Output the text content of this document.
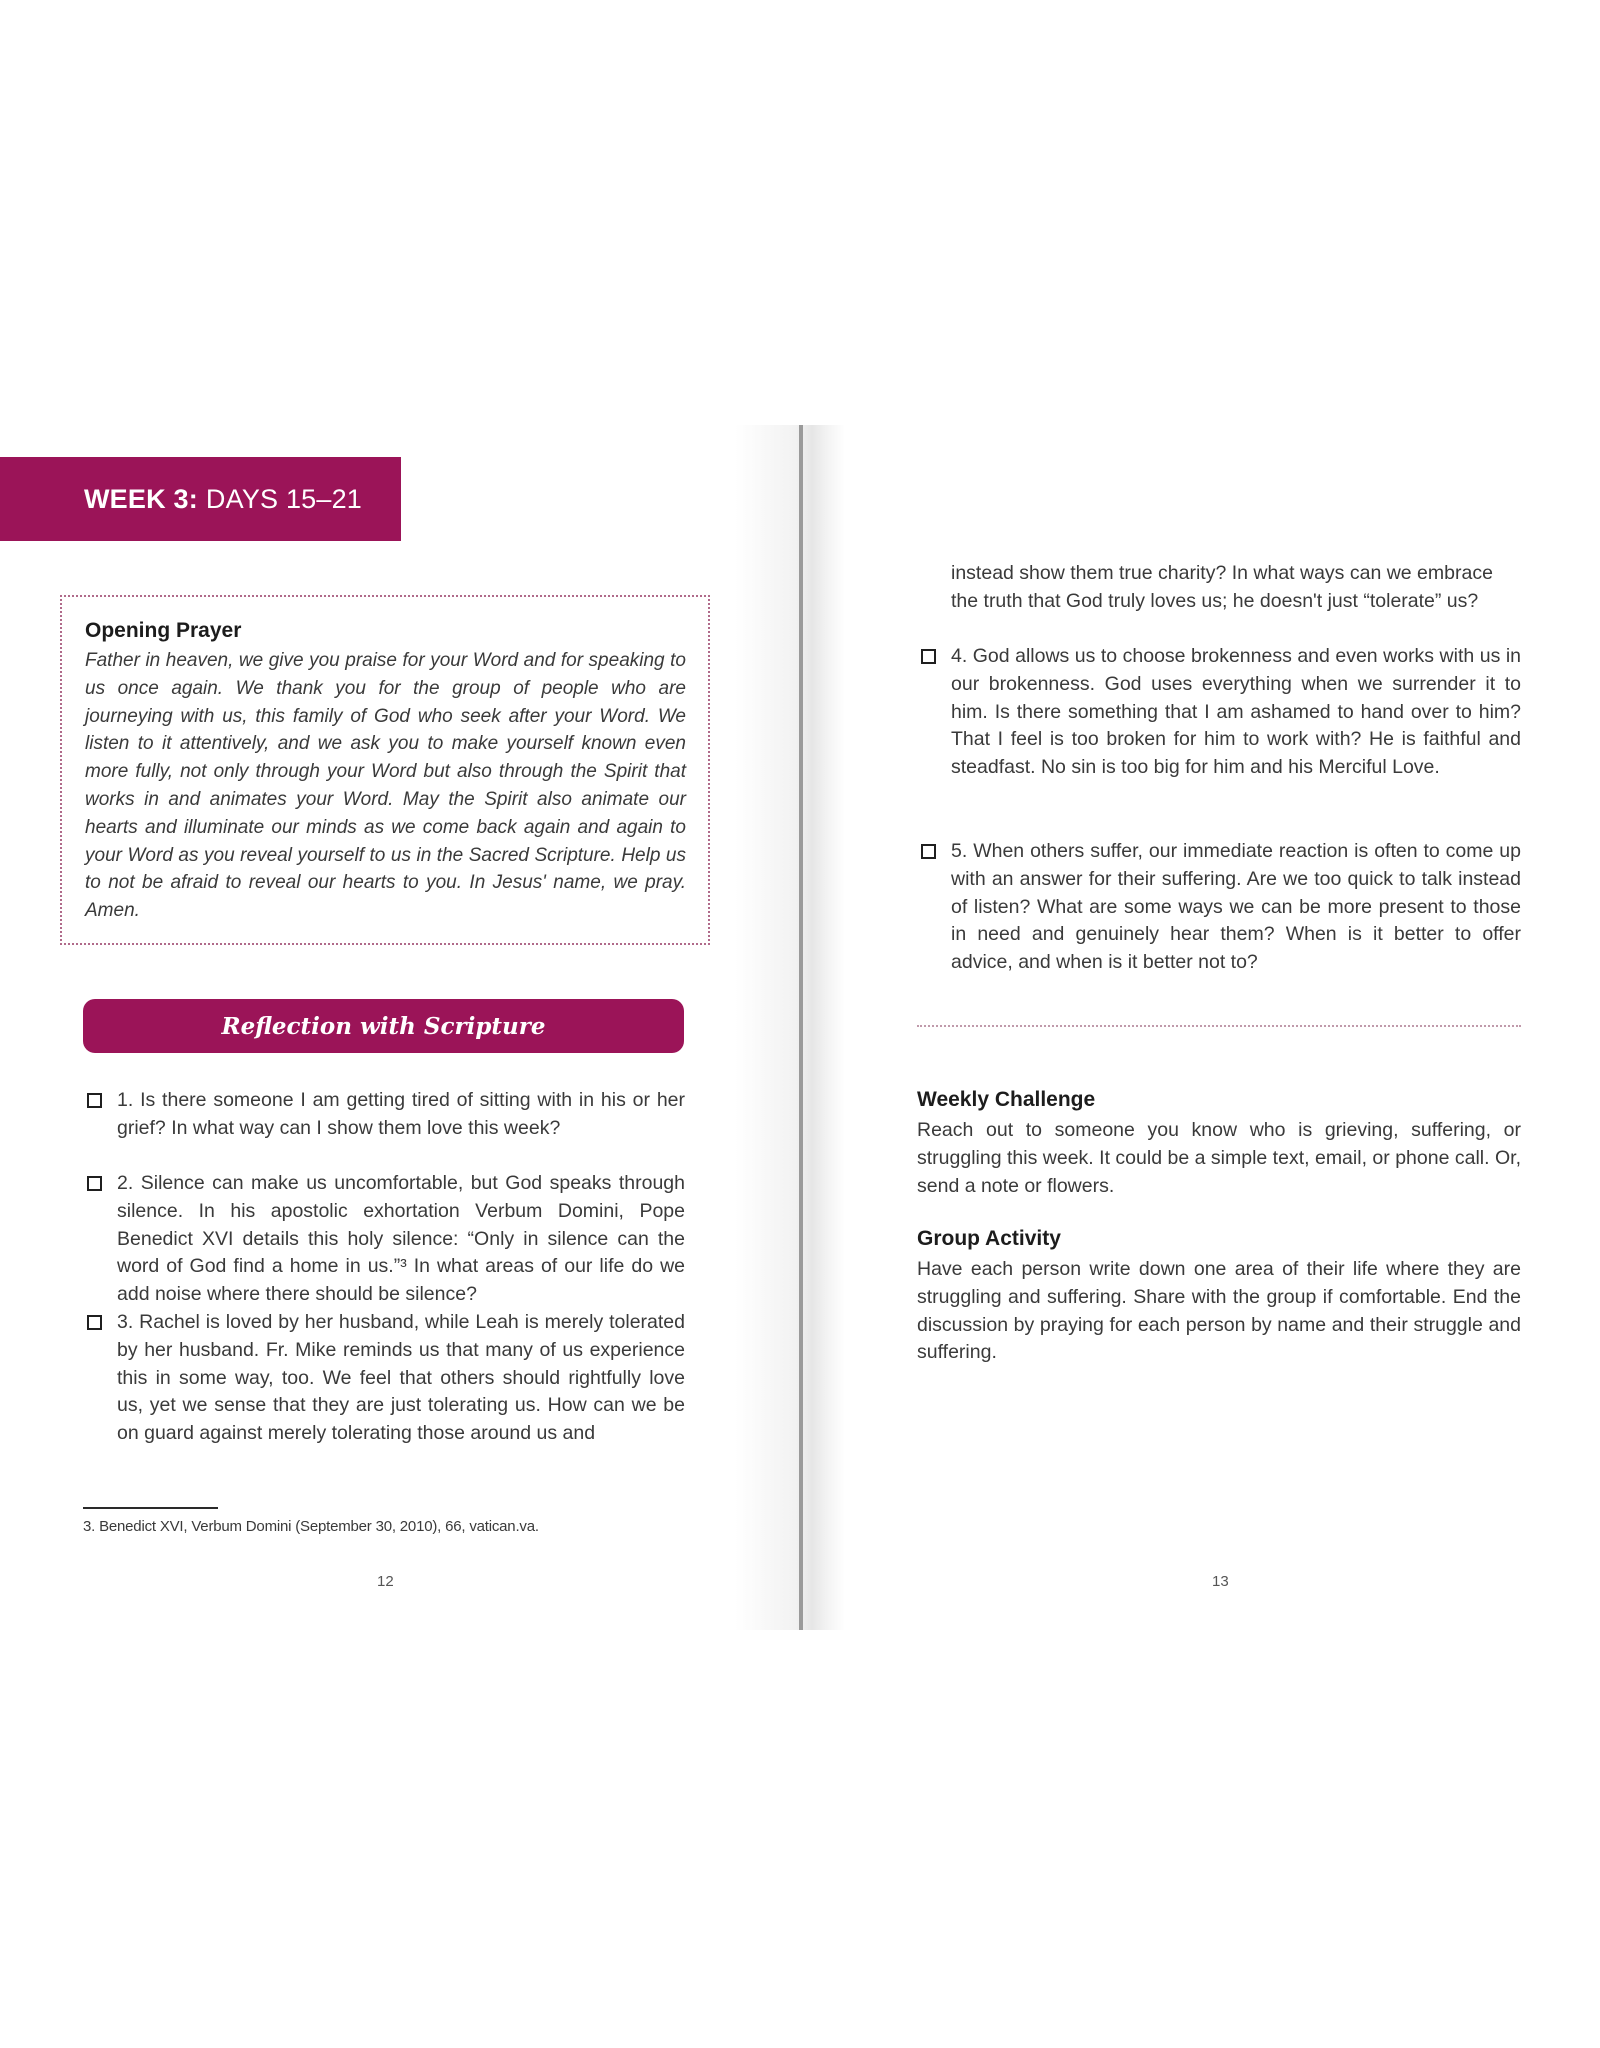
WEEK 3: DAYS 15–21
Opening Prayer
Father in heaven, we give you praise for your Word and for speaking to us once again. We thank you for the group of people who are journeying with us, this family of God who seek after your Word. We listen to it attentively, and we ask you to make yourself known even more fully, not only through your Word but also through the Spirit that works in and animates your Word. May the Spirit also animate our hearts and illuminate our minds as we come back again and again to your Word as you reveal yourself to us in the Sacred Scripture. Help us to not be afraid to reveal our hearts to you. In Jesus' name, we pray. Amen.
Reflection with Scripture
1. Is there someone I am getting tired of sitting with in his or her grief? In what way can I show them love this week?
2. Silence can make us uncomfortable, but God speaks through silence. In his apostolic exhortation Verbum Domini, Pope Benedict XVI details this holy silence: “Only in silence can the word of God find a home in us.”³ In what areas of our life do we add noise where there should be silence?
3. Rachel is loved by her husband, while Leah is merely tolerated by her husband. Fr. Mike reminds us that many of us experience this in some way, too. We feel that others should rightfully love us, yet we sense that they are just tolerating us. How can we be on guard against merely tolerating those around us and
3. Benedict XVI, Verbum Domini (September 30, 2010), 66, vatican.va.
12
instead show them true charity? In what ways can we embrace the truth that God truly loves us; he doesn't just “tolerate” us?
4. God allows us to choose brokenness and even works with us in our brokenness. God uses everything when we surrender it to him. Is there something that I am ashamed to hand over to him? That I feel is too broken for him to work with? He is faithful and steadfast. No sin is too big for him and his Merciful Love.
5. When others suffer, our immediate reaction is often to come up with an answer for their suffering. Are we too quick to talk instead of listen? What are some ways we can be more present to those in need and genuinely hear them? When is it better to offer advice, and when is it better not to?
Weekly Challenge
Reach out to someone you know who is grieving, suffering, or struggling this week. It could be a simple text, email, or phone call. Or, send a note or flowers.
Group Activity
Have each person write down one area of their life where they are struggling and suffering. Share with the group if comfortable. End the discussion by praying for each person by name and their struggle and suffering.
13
